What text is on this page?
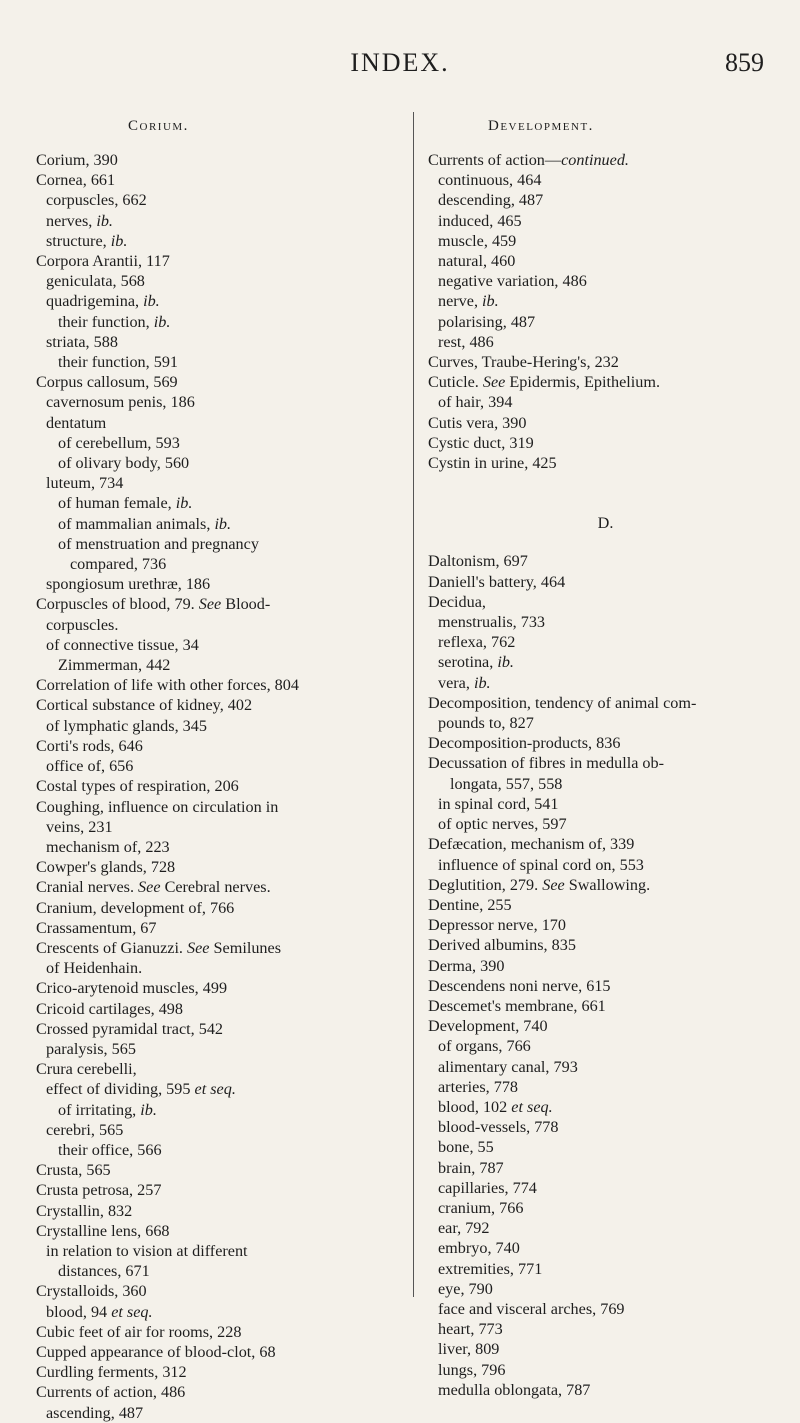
INDEX.	859
Corium.	Development.
Corium, 390
Cornea, 661
corpuscles, 662
nerves, ib.
structure, ib.
Corpora Arantii, 117
geniculata, 568
quadrigemina, ib.
their function, ib.
striata, 588
their function, 591
Corpus callosum, 569
cavernosum penis, 186
dentatum
of cerebellum, 593
of olivary body, 560
luteum, 734
of human female, ib.
of mammalian animals, ib.
of menstruation and pregnancy
compared, 736
spongiosum urethræ, 186
Corpuscles of blood, 79. See Blood-
corpuscles.
of connective tissue, 34
Zimmerman, 442
Correlation of life with other forces, 804
Cortical substance of kidney, 402
of lymphatic glands, 345
Corti's rods, 646
office of, 656
Costal types of respiration, 206
Coughing, influence on circulation in
veins, 231
mechanism of, 223
Cowper's glands, 728
Cranial nerves. See Cerebral nerves.
Cranium, development of, 766
Crassamentum, 67
Crescents of Gianuzzi. See Semilunes
of Heidenhain.
Crico-arytenoid muscles, 499
Cricoid cartilages, 498
Crossed pyramidal tract, 542
paralysis, 565
Crura cerebelli,
effect of dividing, 595 et seq.
of irritating, ib.
cerebri, 565
their office, 566
Crusta, 565
Crusta petrosa, 257
Crystallin, 832
Crystalline lens, 668
in relation to vision at different
distances, 671
Crystalloids, 360
blood, 94 et seq.
Cubic feet of air for rooms, 228
Cupped appearance of blood-clot, 68
Curdling ferments, 312
Currents of action, 486
ascending, 487
Currents of action—continued.
continuous, 464
descending, 487
induced, 465
muscle, 459
natural, 460
negative variation, 486
nerve, ib.
polarising, 487
rest, 486
Curves, Traube-Hering's, 232
Cuticle. See Epidermis, Epithelium.
of hair, 394
Cutis vera, 390
Cystic duct, 319
Cystin in urine, 425
D.
Daltonism, 697
Daniell's battery, 464
Decidua,
menstrualis, 733
reflexa, 762
serotina, ib.
vera, ib.
Decomposition, tendency of animal com-
pounds to, 827
Decomposition-products, 836
Decussation of fibres in medulla ob-
longata, 557, 558
in spinal cord, 541
of optic nerves, 597
Defæcation, mechanism of, 339
influence of spinal cord on, 553
Deglutition, 279. See Swallowing.
Dentine, 255
Depressor nerve, 170
Derived albumins, 835
Derma, 390
Descendens noni nerve, 615
Descemet's membrane, 661
Development, 740
of organs, 766
alimentary canal, 793
arteries, 778
blood, 102 et seq.
blood-vessels, 778
bone, 55
brain, 787
capillaries, 774
cranium, 766
ear, 792
embryo, 740
extremities, 771
eye, 790
face and visceral arches, 769
heart, 773
liver, 809
lungs, 796
medulla oblongata, 787
